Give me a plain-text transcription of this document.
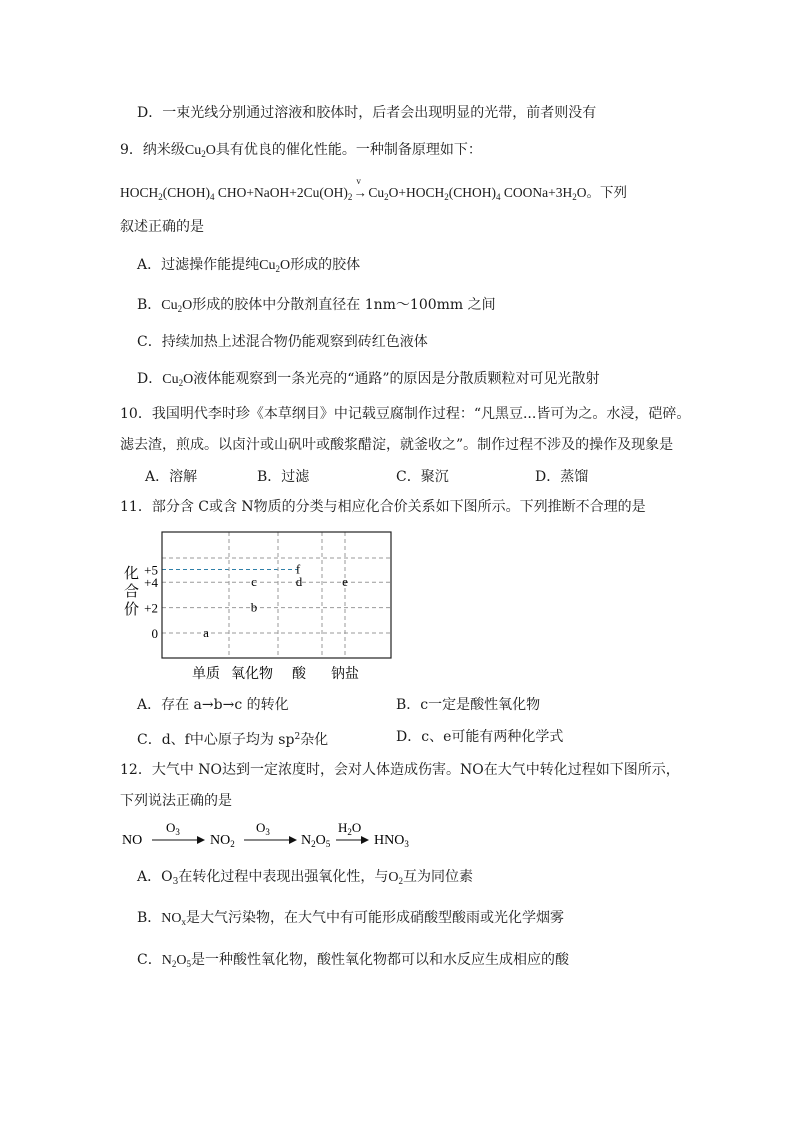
D．一束光线分别通过溶液和胶体时，后者会出现明显的光带，前者则没有
9．纳米级$Cu_2O$具有优良的催化性能。一种制备原理如下：
$HOCH_2(CHOH)_4$ $CHO+NaOH+2Cu(OH)_2$
v
→ $Cu_2O+HOCH_2(CHOH)_4$ $COONa+3H_2O$。下列
叙述正确的是
A．过滤操作能提纯$Cu_2O$形成的胶体
B．$Cu_2O$形成的胶体中分散剂直径在 1nm～100mm 之间
C．持续加热上述混合物仍能观察到砖红色液体
D．$Cu_2O$液体能观察到一条光亮的“通路”的原因是分散质颗粒对可见光散射
10．我国明代李时珍《本草纲目》中记载豆腐制作过程：“凡黑豆...皆可为之。水浸，硙碎。
滤去渣，煎成。以卤汁或山矾叶或酸浆醋淀，就釜收之”。制作过程不涉及的操作及现象是
A．溶解	B．过滤	C．聚沉	D．蒸馏
11．部分含 C或含 N物质的分类与相应化合价关系如下图所示。下列推断不合理的是
化
合
价
+5
+4
+2
0	a
b
c	d	e
f
单质 氧化物 酸 钠盐
A．存在 a→b→c 的转化	B．c一定是酸性氧化物
C．d、f中心原子均为 $sp^2$杂化	D．c、e可能有两种化学式
12．大气中 NO达到一定浓度时，会对人体造成伤害。NO在大气中转化过程如下图所示，
下列说法正确的是
NO
$O_3$
$NO_2$
$O_3$
$N_2O_5$
$H_2O$
$HNO_3$
A．$O_3$在转化过程中表现出强氧化性，与$O_2$互为同位素
B．$NO_x$是大气污染物，在大气中有可能形成硝酸型酸雨或光化学烟雾
C．$N_2O_5$是一种酸性氧化物，酸性氧化物都可以和水反应生成相应的酸
